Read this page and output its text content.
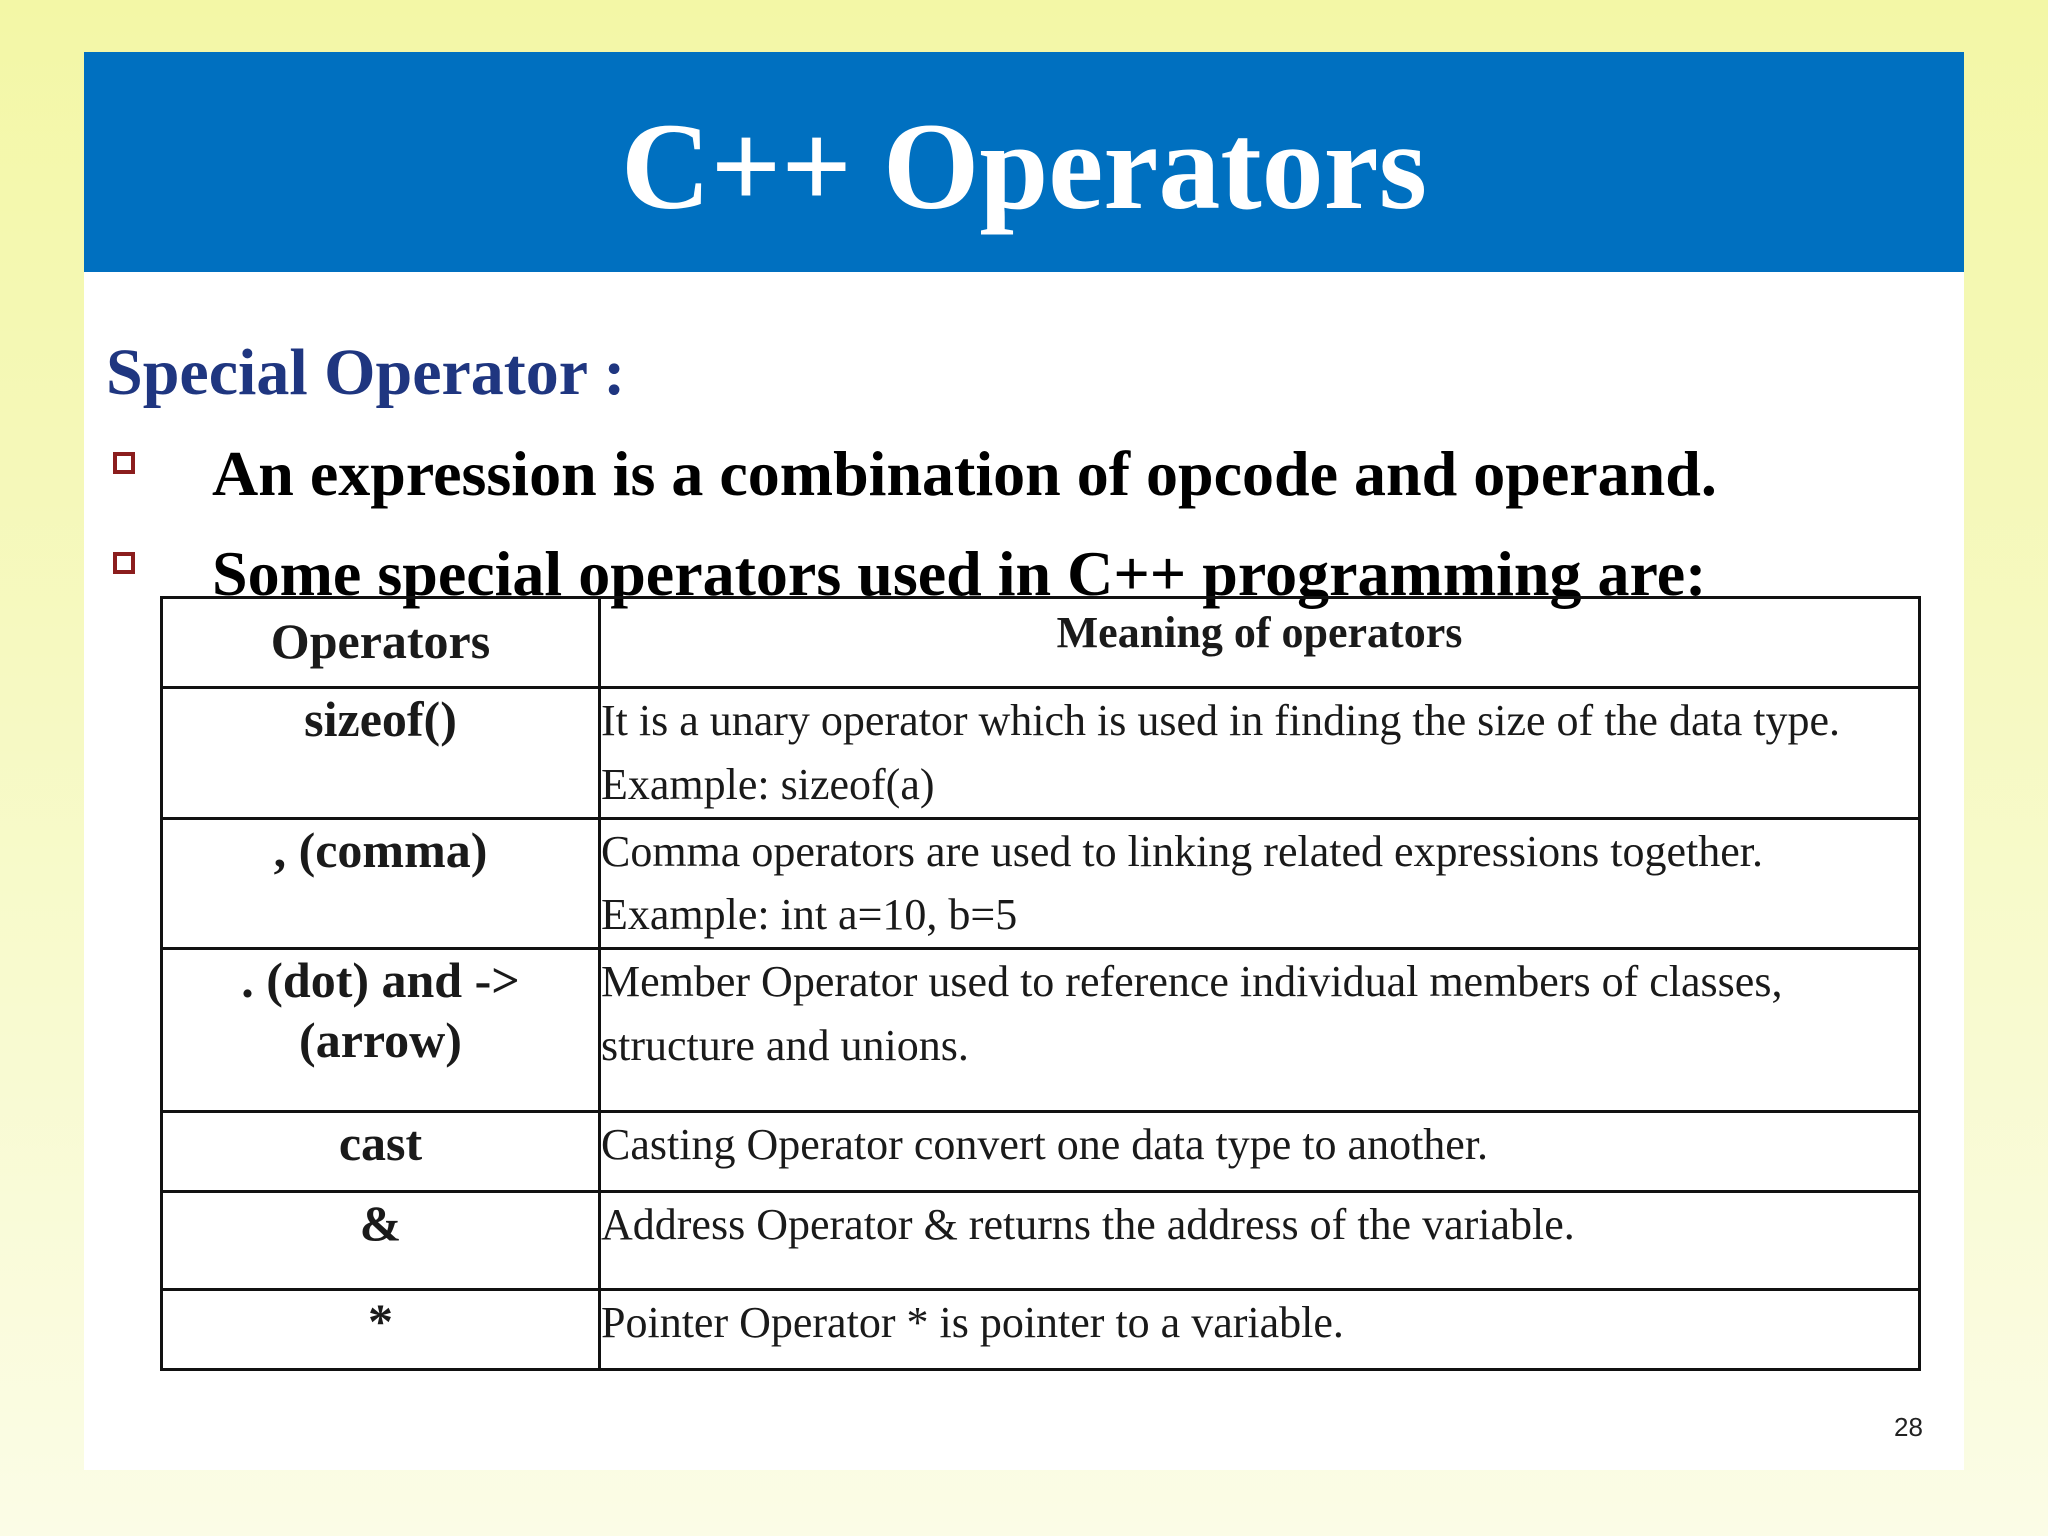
C++ Operators
Special Operator :
An expression is a combination of opcode and operand.
Some special operators used in C++ programming are:
Operators	Meaning of operators

sizeof()	It is a unary operator which is used in finding the size of the data type.
Example: sizeof(a)

, (comma)	Comma operators are used to linking related expressions together.
Example: int a=10, b=5

. (dot) and ->
(arrow)	Member Operator used to reference individual members of classes,
structure and unions.

cast	Casting Operator convert one data type to another.

&	Address Operator & returns the address of the variable.

*	Pointer Operator * is pointer to a variable.
28
